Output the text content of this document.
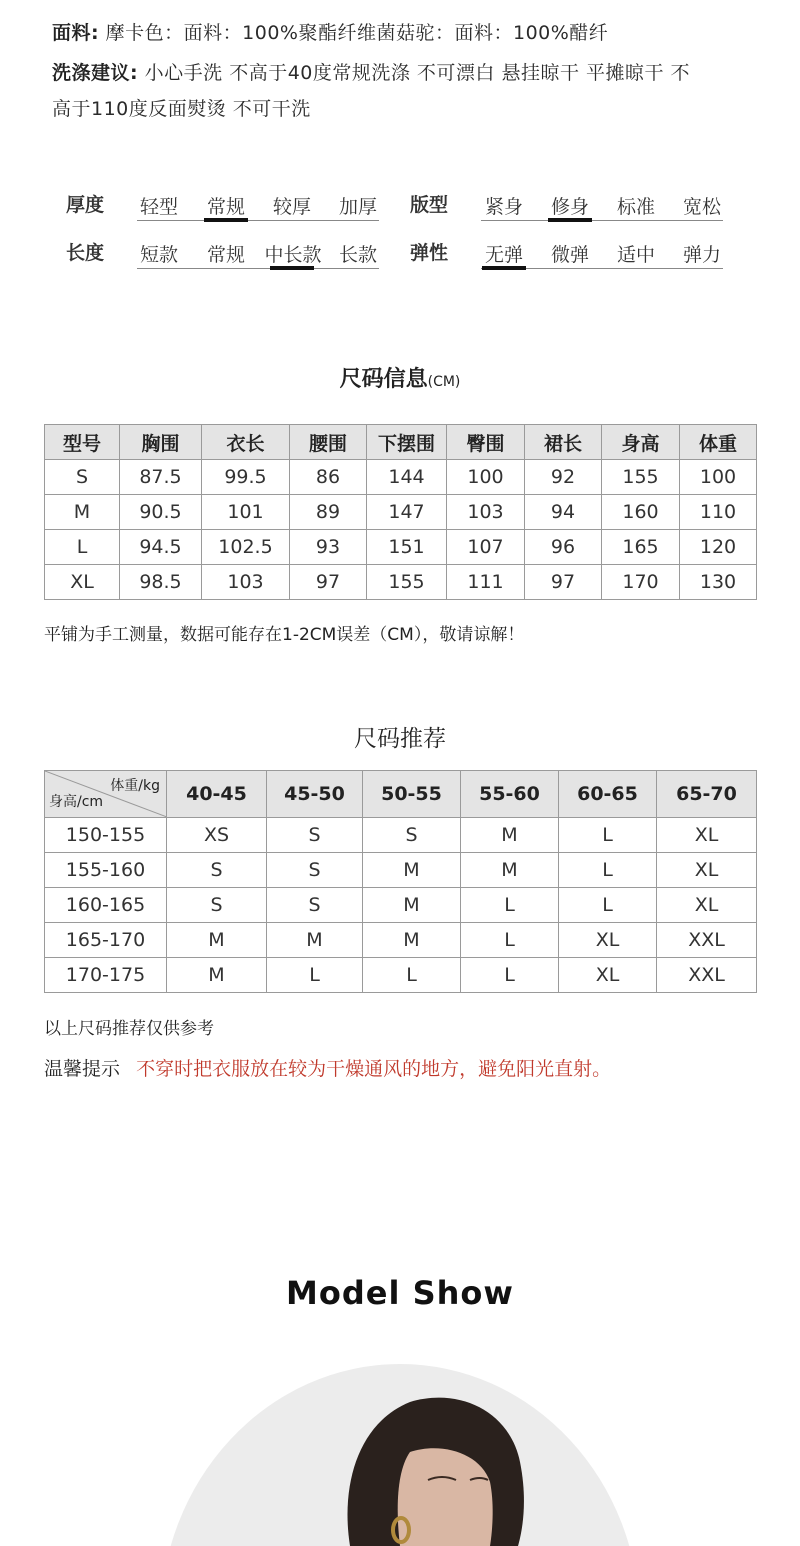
面料: 摩卡色：面料：100%聚酯纤维菌菇驼：面料：100%醋纤
洗涤建议: 小心手洗 不高于40度常规洗涤 不可漂白 悬挂晾干 平摊晾干 不
高于110度反面熨烫 不可干洗
厚度	轻型	常规	较厚	加厚	版型	紧身	修身	标准	宽松
长度	短款	常规	中长款 长款	弹性	无弹	微弹	适中	弹力
尺码信息(CM)
型号	胸围	衣长	腰围	下摆围	臀围	裙长	身高	体重
S	87.5	99.5	86	144	100	92	155	100
M	90.5	101	89	147	103	94	160	110
L	94.5	102.5	93	151	107	96	165	120
XL	98.5	103	97	155	111	97	170	130
平铺为手工测量，数据可能存在1-2CM误差（CM），敬请谅解！
尺码推荐
体重/kg
身高/cm	40-45	45-50	50-55	55-60	60-65	65-70
150-155	XS	S	S	M	L	XL
155-160	S	S	M	M	L	XL
160-165	S	S	M	L	L	XL
165-170	M	M	M	L	XL	XXL
170-175	M	L	L	L	XL	XXL
以上尺码推荐仅供参考
温馨提示 不穿时把衣服放在较为干燥通风的地方，避免阳光直射。
Model Show
